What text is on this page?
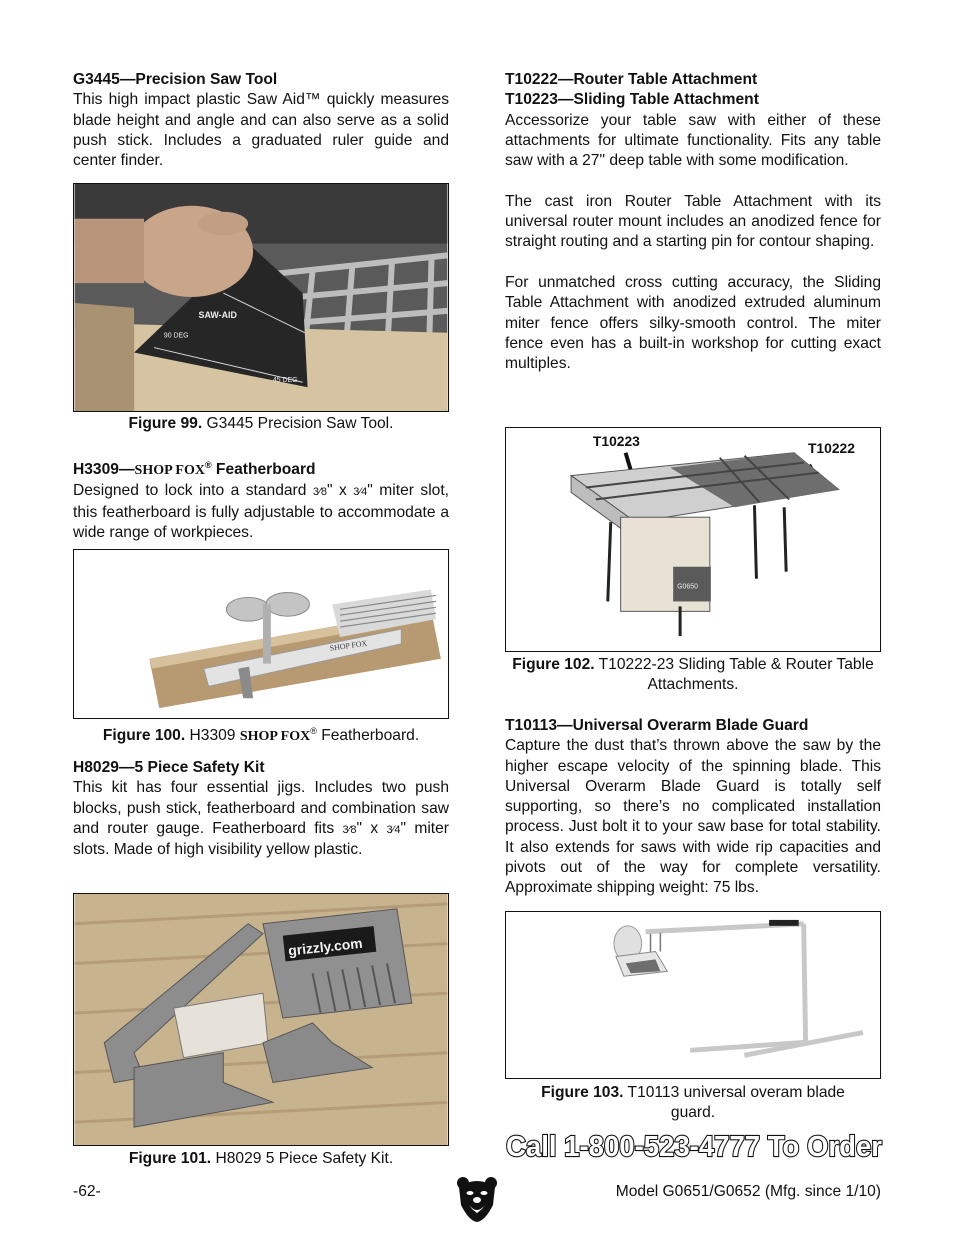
G3445—Precision Saw Tool

This high impact plastic Saw Aid™ quickly measures blade height and angle and can also serve as a solid push stick. Includes a graduated ruler guide and center finder.

90 DEG
SAW-AID
45 DEG
Figure 99. G3445 Precision Saw Tool.
H3309—SHOP FOX® Featherboard

Designed to lock into a standard 3⁄8" x 3⁄4" miter slot, this featherboard is fully adjustable to accommodate a wide range of workpieces.

SHOP FOX
Figure 100. H3309 SHOP FOX® Featherboard.
H8029—5 Piece Safety Kit

This kit has four essential jigs. Includes two push blocks, push stick, featherboard and combination saw and router gauge. Featherboard fits 3⁄8" x 3⁄4" miter slots. Made of high visibility yellow plastic.

grizzly.com
Figure 101. H8029 5 Piece Safety Kit.
T10222—Router Table Attachment
T10223—Sliding Table Attachment

Accessorize your table saw with either of these attachments for ultimate functionality. Fits any table saw with a 27" deep table with some modification.

The cast iron Router Table Attachment with its universal router mount includes an anodized fence for straight routing and a starting pin for contour shaping.

For unmatched cross cutting accuracy, the Sliding Table Attachment with anodized extruded aluminum miter fence offers silky-smooth control. The miter fence even has a built-in workshop for cutting exact multiples.

T10223	T10222
G0650
Figure 102. T10222-23 Sliding Table & Router Table Attachments.
T10113—Universal Overarm Blade Guard

Capture the dust that’s thrown above the saw by the higher escape velocity of the spinning blade. This Universal Overarm Blade Guard is totally self supporting, so there’s no complicated installation process. Just bolt it to your saw base for total stability. It also extends for saws with wide rip capacities and pivots out of the way for complete versatility. Approximate shipping weight: 75 lbs.

Figure 103. T10113 universal overam blade guard.
Call 1-800-523-4777 To Order
-62-	Model G0651/G0652 (Mfg. since 1/10)
